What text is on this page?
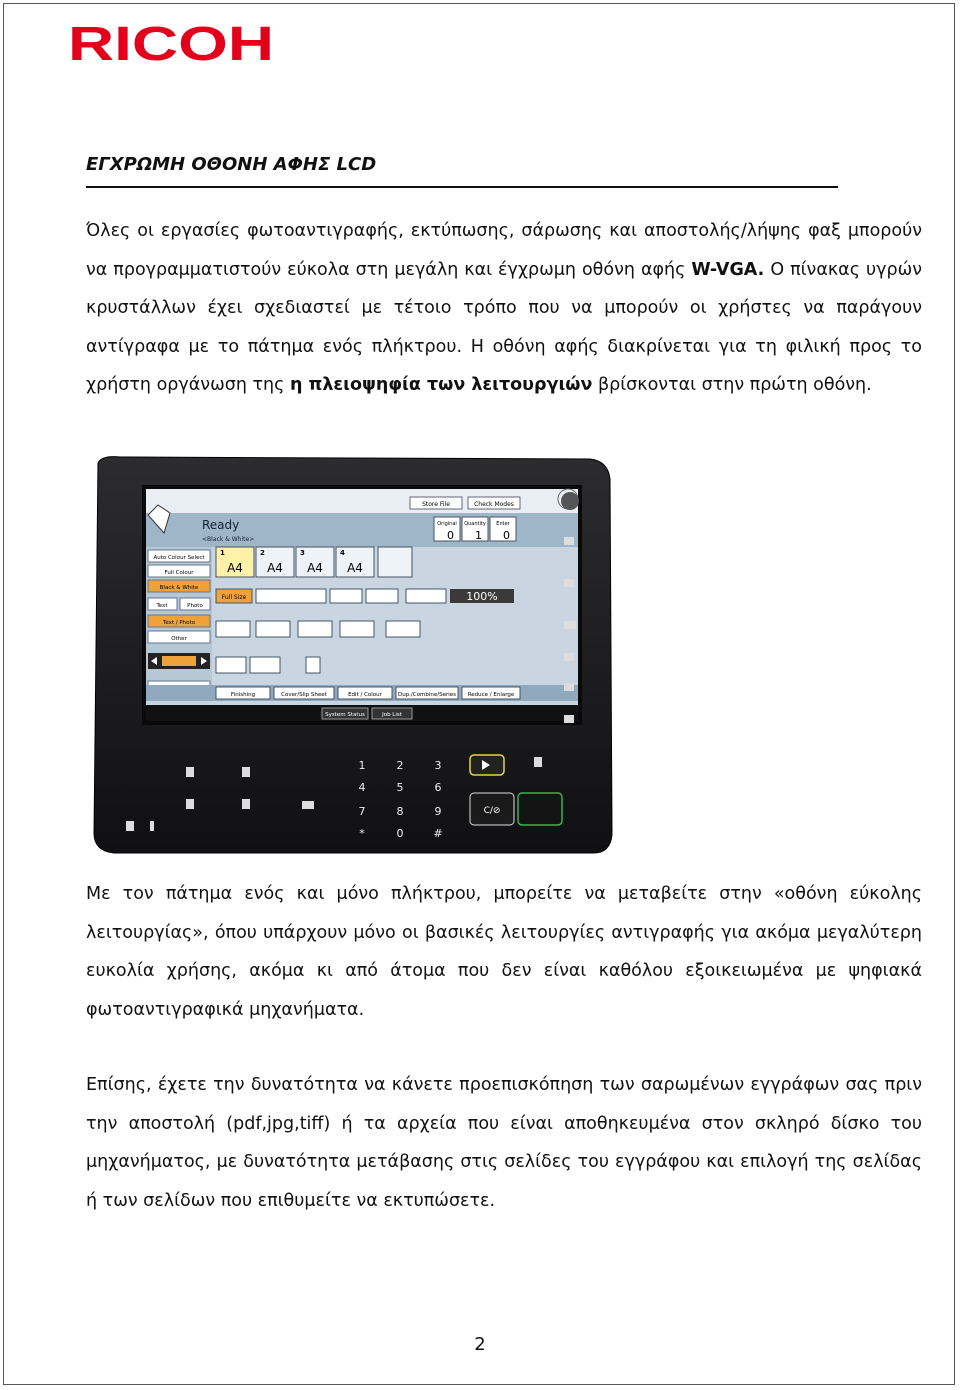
RICOH
ΕΓΧΡΩΜΗ ΟΘΟΝΗ ΑΦΗΣ LCD

Όλες οι εργασίες φωτοαντιγραφής, εκτύπωσης, σάρωσης και αποστολής/λήψης φαξ μπορούν να προγραμματιστούν εύκολα στη μεγάλη και έγχρωμη οθόνη αφής W-VGA. Ο πίνακας υγρών κρυστάλλων έχει σχεδιαστεί με τέτοιο τρόπο που να μπορούν οι χρήστες να παράγουν αντίγραφα με το πάτημα ενός πλήκτρου. Η οθόνη αφής διακρίνεται για τη φιλική προς το χρήστη οργάνωση της η πλειοψηφία των λειτουργιών βρίσκονται στην πρώτη οθόνη.

Ready
<Black & White>
Store File	Check Modes
Original
0
Quantity
1
Enter
0
Auto Colour Select
Full Colour
Black & White
Text	Photo
Text / Photo
Other
1
A4
2
A4
3
A4
4
A4
Full Size	100%
Finishing	Cover/Slip Sheet	Edit / Colour	Dup./Combine/Series Reduce / Enlarge
System Status	Job List
1	2	3
4	5	6
7	8	9
*	0	#
C/⊘

Με τον πάτημα ενός και μόνο πλήκτρου, μπορείτε να μεταβείτε στην «οθόνη εύκολης λειτουργίας», όπου υπάρχουν μόνο οι βασικές λειτουργίες αντιγραφής για ακόμα μεγαλύτερη ευκολία χρήσης, ακόμα κι από άτομα που δεν είναι καθόλου εξοικειωμένα με ψηφιακά φωτοαντιγραφικά μηχανήματα.

Επίσης, έχετε την δυνατότητα να κάνετε προεπισκόπηση των σαρωμένων εγγράφων σας πριν την αποστολή (pdf,jpg,tiff) ή τα αρχεία που είναι αποθηκευμένα στον σκληρό δίσκο του μηχανήματος, με δυνατότητα μετάβασης στις σελίδες του εγγράφου και επιλογή της σελίδας ή των σελίδων που επιθυμείτε να εκτυπώσετε.

2
